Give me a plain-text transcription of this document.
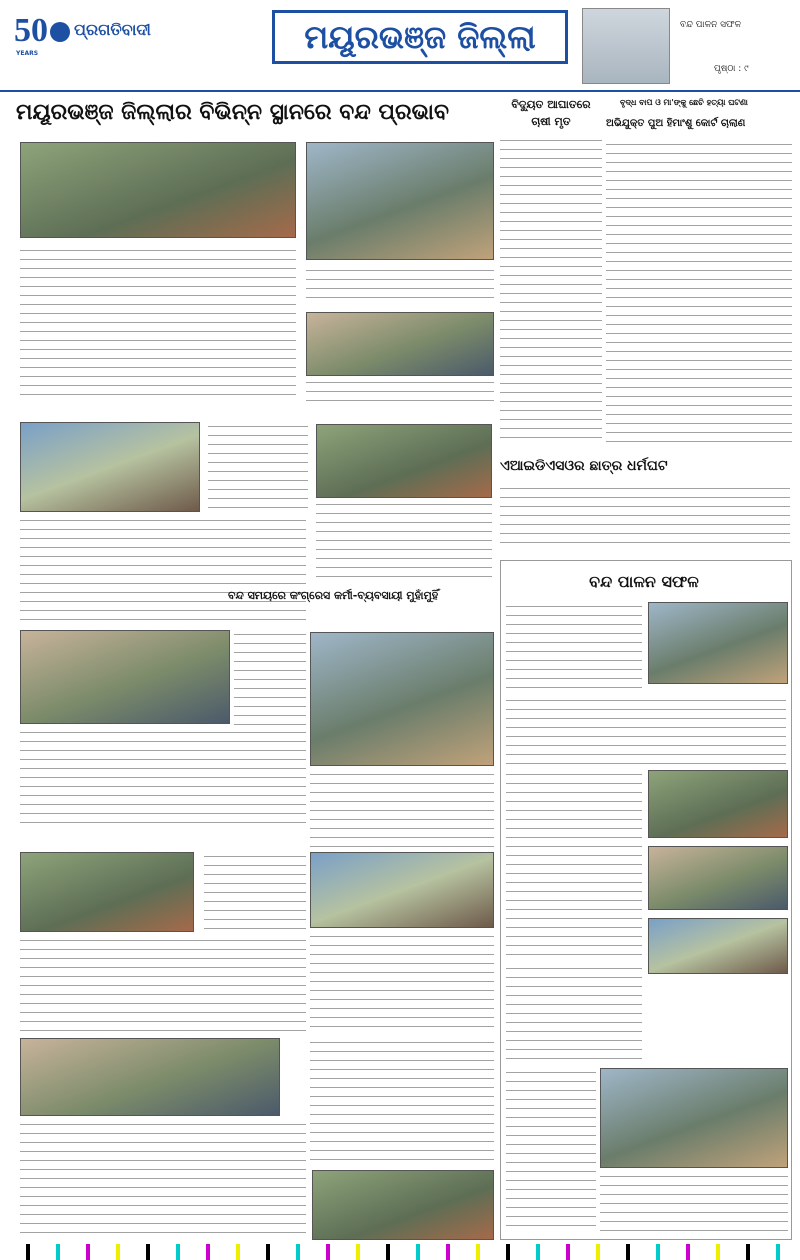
50
YEARS
ପ୍ରଗତିବାଦୀ	ମୟୂରଭଞ୍ଜ ଜିଲ୍ଲା	ବନ୍ଦ ପାଳନ ସଫଳ
ପୃଷ୍ଠା : ୯
ମୟୂରଭଞ୍ଜ ଜିଲ୍ଲାର ବିଭିନ୍ନ ସ୍ଥାନରେ ବନ୍ଦ ପ୍ରଭାବ
ବନ୍ଦ ସମୟରେ କଂଗ୍ରେସ କର୍ମୀ-ବ୍ୟବସାୟୀ ମୁହାଁମୁହିଁ
ବିଦ୍ୟୁତ ଆଘାତରେ ଚାଷୀ ମୃତ
ବୃଦ୍ଧ ବାପ ଓ ମା'ଙ୍କୁ ଛେଚି ହତ୍ୟା ଘଟଣା
ଅଭିଯୁକ୍ତ ପୁଅ ହିମାଂଶୁ କୋର୍ଟ ଚାଲାଣ
ଏଆଇଡିଏସଓର ଛାତ୍ର ଧର୍ମଘଟ
ବନ୍ଦ ପାଳନ ସଫଳ
